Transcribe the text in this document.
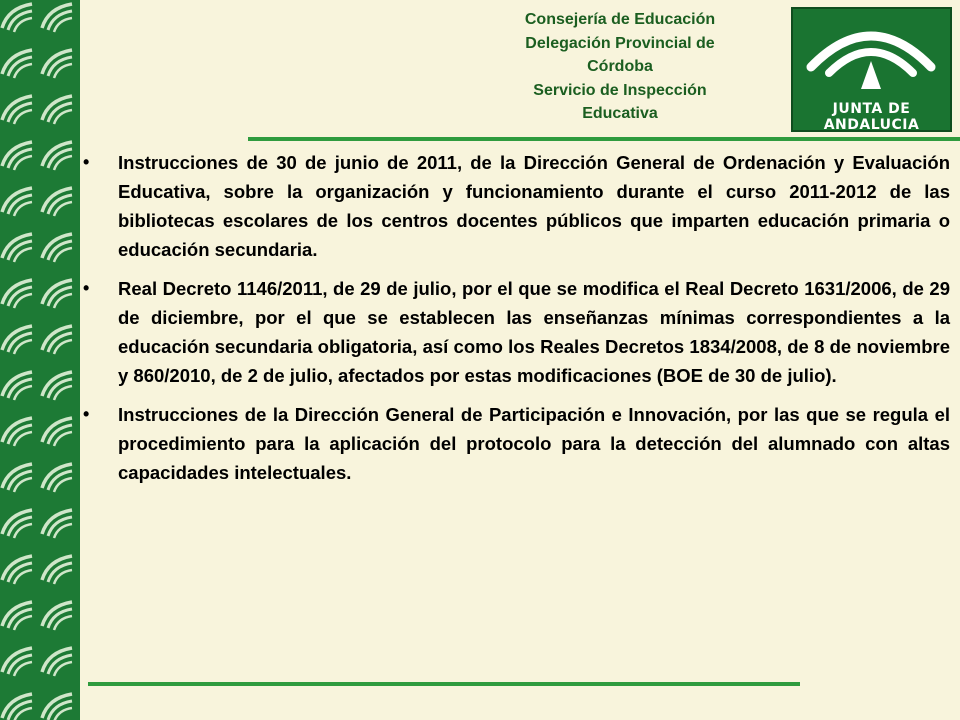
Consejería de Educación
Delegación Provincial de
Córdoba
Servicio de Inspección
Educativa	JUNTA DE ANDALUCIA
• Instrucciones de 30 de junio de 2011, de la Dirección General de Ordenación y Evaluación Educativa, sobre la organización y funcionamiento durante el curso 2011-2012 de las bibliotecas escolares de los centros docentes públicos que imparten educación primaria o educación secundaria.
• Real Decreto 1146/2011, de 29 de julio, por el que se modifica el Real Decreto 1631/2006, de 29 de diciembre, por el que se establecen las enseñanzas mínimas correspondientes a la educación secundaria obligatoria, así como los Reales Decretos 1834/2008, de 8 de noviembre y 860/2010, de 2 de julio, afectados por estas modificaciones (BOE de 30 de julio).
• Instrucciones de la Dirección General de Participación e Innovación, por las que se regula el procedimiento para la aplicación del protocolo para la detección del alumnado con altas capacidades intelectuales.
